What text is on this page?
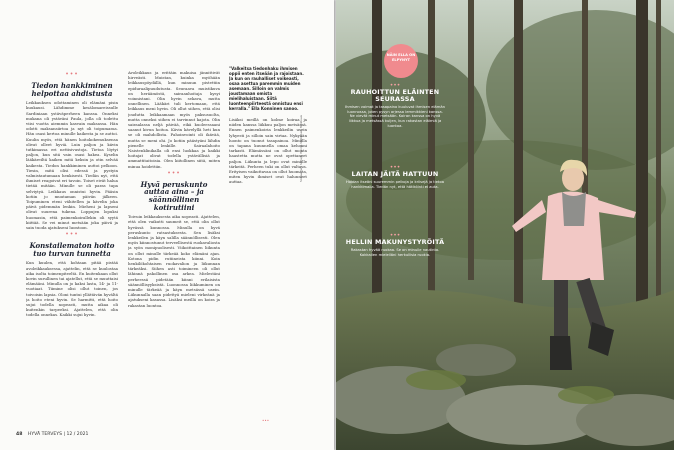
•••
Tiedon hankkiminen helpottaa ahdistusta

Leikkauksen odottaminen oli elämäni pisin kuukausi. Lähdimme kesälomareissulle Sardiniaan ystäväperheen kanssa. Onneksi mukana oli ystäväni Paula, jolla oli todettu viisi vuotta aiemmin kasvain maksassa. Hän odotti maksansiirtoa ja nyt oli toipumassa. Hän osasi kertoa minulle kaikesta ja se auttoi. Kuulin myös, että hänen hoitokokemuksensa olivat olleet hyviä. Luin paljon ja kävin tutkimassa eri nettisivustoja. Tietoa löytyi paljon, kun sitä vain osasi hakea. Kyselin lääkäreiltä kaiken mitä keksin ja otin selvää kaikesta. Tiedon hankkiminen auttoi pelkoon. Tiesin, mitä olisi edessä ja pystyin valmistautumaan henkisesti. Tiedän nyt, että ihmiset reagoivat eri tavoin. Toiset eivät halua tietää mitään. Minulle se oli paras tapa selviytyä. Leikkaus onnistui hyvin. Pääsin kotiin jo muutaman päivän jälkeen. Toipuminen eteni vähitellen ja kävelin joka päivä pidemmän lenkin. Mieheni ja lapseni olivat suurena tukena. Loppujen lopuksi huomasin, että paimenkoirallekin oli syytä kiittää. Se vei minut metsään joka päivä ja sain tuoda ajatukseni luontoon.

•••
Konstailematon hoito tuo turvan tunnetta

Kun kuulen, että kohtaan pitää pistää avoleikkauksessa, ajattelin, että se kuulostaa aika isolta toimenpiteeltä. En kuitenkaan ollut kovin surullinen tai ajatellut, että se muuttaisi elämääni. Minulla on jo kaksi lasta, 14- ja 11-vuotiaat. Tiimine olisi ollut toinen, jos toivoisin lapsia. Oloni tuntui yllättävän hyvältä ja hoito eteni hyvin. Se harmitti, että hoito sujui todella nopeasti, mutta aikaa oli kuitenkin tarpeeksi. Ajattelen, että olin todella onnekas. Kaikki sujui hyvin.

Avoleikkaus ja erittäin makuisa jännittivät hirveästi. Muistan, kuinka myöhään leikkauspöydällä, kun minuun pistettiin epiduraalipuudutusta. Seuraava muistikuva on heräämöstä, sairaanhoitaja kysyi voinnistani. Olin hyvin sekava, mutta onnellinen. Lääkäri tuli kertomaan, että leikkaus meni hyvin. Oli ollut siihen, että olisi joudutta leikkaamaan myös paksusuolta, mutta onneksi siihen ei tarvinnut kajota. Olin sairaalassa neljä päivää, eikä kuoleessaani saanut kivun hoitoa. Kävin kävelyllä heti kun se oli mahdollista. Pahoinvointi oli ikävää, mutta se meni ohi. Jo kotiin päästyäni lähdin pienelle lenkille. Sairaalahoito Naistenklinikalla oli ensi luokkaa ja kaikki hoitajat olivat todella ystävällisiä ja ammattitaitoisia. Olen kiitollinen siitä, miten minua hoidettiin.

•••
Hyvä peruskunto auttaa aina – ja säännöllinen kotirutiini

Toivuin leikkauksesta aika nopeasti. Ajattelen, että olen vaikutti saumeit se, että olin ollut hyvässä kunnossa. Minulla on hyvä peruskunto ratsastuksesta. Sen lisäksi lenkkeilen ja käyn salilla säännöllisesti. Olen myös kiinnostunut terveellisestä ruokavaliosta ja syön monipuolisesti. Viikoittainen liikunta on ollut minulle tärkeää koko elämäni ajan. Kotona pidin rutiineista kiinni. Koin henkilökohtaisen ruokavalion ja liikunnan tärkeäksi. Siihen asti toimineen oli ollut lähinnä pakollinen osa arkea. Mielestäni perheessä pidetään kiinni erilaisista säännöllisyyksistä. Luonnossa liikkuminen on minulle tärkeää ja käyn metsässä usein. Liikunnalla saan pidettyä mieleni virkeänä ja ajatukseni kasassa. Lisäksi meillä on koira ja rakastan luontoa.

"Valkeitsa tiedonhaku ihmisen oppii enten itseään ja rajoistaan. Ja kun on rauhalliset voikeasti, osaa asettua paremmin muiden asemaan. Silloin on valmis joustamaan omista mielihaluistaan. Siitä luonteenpiirteestä onnistuu ensi kerralla." Ella Konninen sanoo.

Lisäksi meillä on kolme koiraa ja niiden kanssa liikkuu paljon metsässä. Ennen paimenkoiria lenkkeilin usein lyhyesti ja silloin sain virtaa. Nykyään luonto on tuonut tasapainoa. Minulla on tapana kuunnella omaa kehoani tarkasti. Elämässäni on ollut monta haastetta mutta ne ovat opettaneet paljon. Liikunta ja lepo ovat minulle tärkeitä. Perheen tuki on ollut valtava. Erityisen vaikuttavaa on ollut huomata, miten hyvin ihmiset ovat halunneet auttaa.	Sosiaalinen hoitaja: Hanna Väätäinen, Meikkaus
•••
48 HYVÄ TERVEYS | 12 / 2021
NÄIN ELLA ON ELPYNYT
•••
RAUHOITTUN ELÄINTEN SEURASSA
Ihmisen voimat ja tasapaino kuuluvat ihmisen elämän luonnossa, joten pysyn arjessa lemmikkieni kanssa. Ne vievät minut metsään. Koiran kanssa on hyvä liikkua ja metsässä kuljen, kun rakastan eläimiä ja luontoa.
•••
LAITAN JÄITÄ HATTUUN
Hoidan itseäni suuremmin pelkoja ja kriisejä ja tietoa hankkimalla. Tiedän nyt, että hätiköinti ei auta.
•••
HELLIN MAKUNYSTYRÖITÄ
Rakastan hyvää ruokaa. Se on minulle nautinto. Kokkailen mielelläni herkullisia ruokia.
